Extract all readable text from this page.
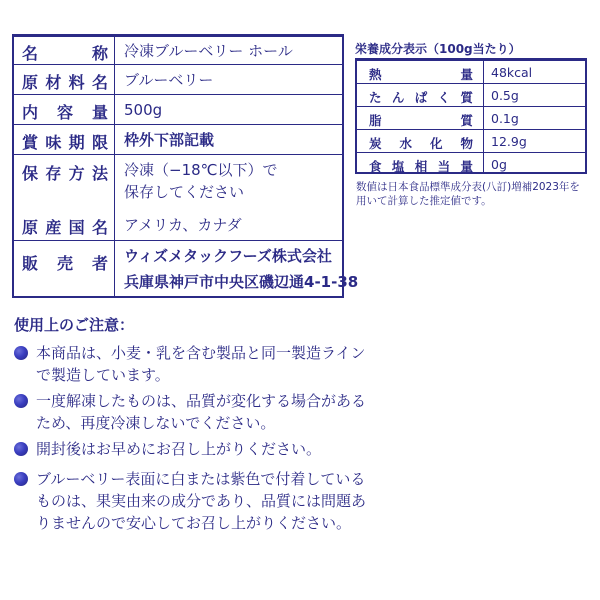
名称 冷凍ブルーベリー ホール
原材料名 ブルーベリー
内容量 500g
賞味期限 枠外下部記載
保存方法 冷凍（−18℃以下）で
保存してください
原産国名 アメリカ、カナダ
販売者 ウィズメタックフーズ株式会社
兵庫県神戸市中央区磯辺通4-1-38
栄養成分表示（100g当たり）
熱量 48kcal
たんぱく質 0.5g
脂質 0.1g
炭水化物 12.9g
食塩相当量 0g
数値は日本食品標準成分表(八訂)増補2023年を
用いて計算した推定値です。
使用上のご注意：
本商品は、小麦・乳を含む製品と同一製造ライン
で製造しています。
一度解凍したものは、品質が変化する場合がある
ため、再度冷凍しないでください。
開封後はお早めにお召し上がりください。
ブルーベリー表面に白または紫色で付着している
ものは、果実由来の成分であり、品質には問題あ
りませんので安心してお召し上がりください。
